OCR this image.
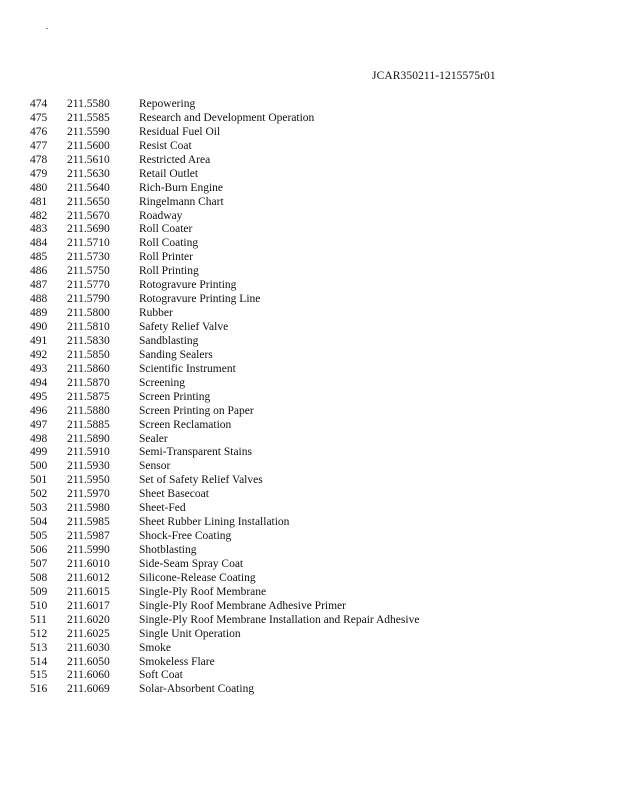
JCAR350211-1215575r01
474 211.5580	Repowering
475 211.5585	Research and Development Operation
476 211.5590	Residual Fuel Oil
477 211.5600	Resist Coat
478 211.5610	Restricted Area
479 211.5630	Retail Outlet
480 211.5640	Rich-Burn Engine
481 211.5650	Ringelmann Chart
482 211.5670	Roadway
483 211.5690	Roll Coater
484 211.5710	Roll Coating
485 211.5730	Roll Printer
486 211.5750	Roll Printing
487 211.5770	Rotogravure Printing
488 211.5790	Rotogravure Printing Line
489 211.5800	Rubber
490 211.5810	Safety Relief Valve
491 211.5830	Sandblasting
492 211.5850	Sanding Sealers
493 211.5860	Scientific Instrument
494 211.5870	Screening
495 211.5875	Screen Printing
496 211.5880	Screen Printing on Paper
497 211.5885	Screen Reclamation
498 211.5890	Sealer
499 211.5910	Semi-Transparent Stains
500 211.5930	Sensor
501 211.5950	Set of Safety Relief Valves
502 211.5970	Sheet Basecoat
503 211.5980	Sheet-Fed
504 211.5985	Sheet Rubber Lining Installation
505 211.5987	Shock-Free Coating
506 211.5990	Shotblasting
507 211.6010	Side-Seam Spray Coat
508 211.6012	Silicone-Release Coating
509 211.6015	Single-Ply Roof Membrane
510 211.6017	Single-Ply Roof Membrane Adhesive Primer
511 211.6020	Single-Ply Roof Membrane Installation and Repair Adhesive
512 211.6025	Single Unit Operation
513 211.6030	Smoke
514 211.6050	Smokeless Flare
515 211.6060	Soft Coat
516 211.6069	Solar-Absorbent Coating
